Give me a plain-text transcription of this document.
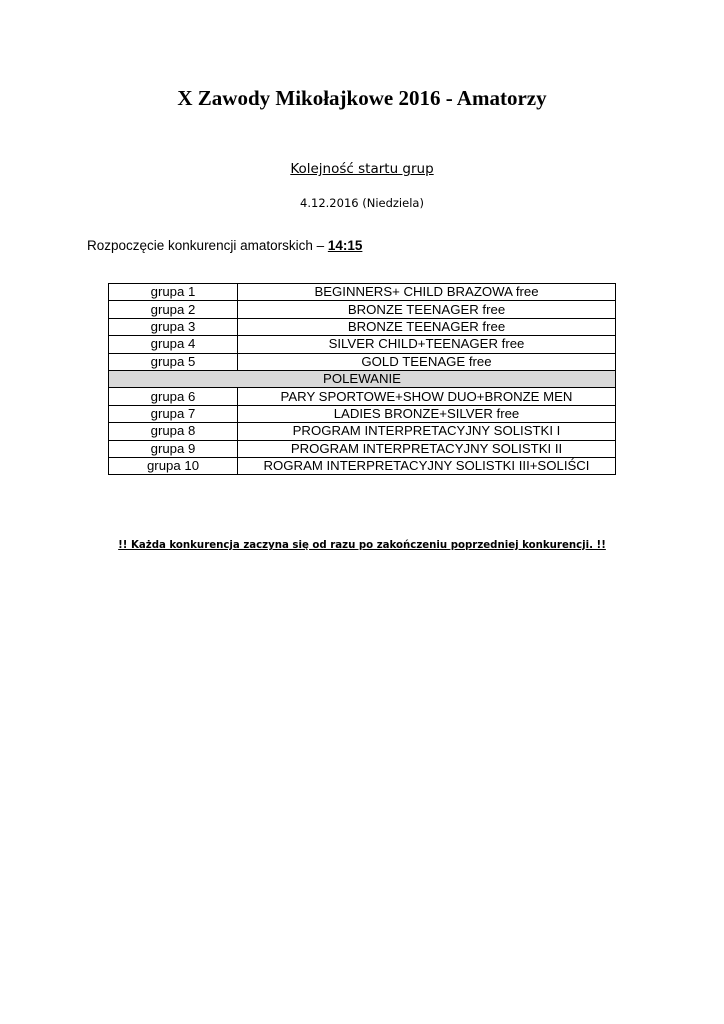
X Zawody Mikołajkowe 2016 - Amatorzy
Kolejność startu grup
4.12.2016 (Niedziela)
Rozpoczęcie konkurencji amatorskich – 14:15
grupa 1	BEGINNERS+ CHILD BRAZOWA free
grupa 2	BRONZE TEENAGER free
grupa 3	BRONZE TEENAGER free
grupa 4	SILVER CHILD+TEENAGER free
grupa 5	GOLD TEENAGE free
POLEWANIE	
grupa 6	PARY SPORTOWE+SHOW DUO+BRONZE MEN
grupa 7	LADIES BRONZE+SILVER free
grupa 8	PROGRAM INTERPRETACYJNY SOLISTKI I
grupa 9	PROGRAM INTERPRETACYJNY SOLISTKI II
grupa 10	ROGRAM INTERPRETACYJNY SOLISTKI III+SOLIŚCI
!! Każda konkurencja zaczyna się od razu po zakończeniu poprzedniej konkurencji. !!
